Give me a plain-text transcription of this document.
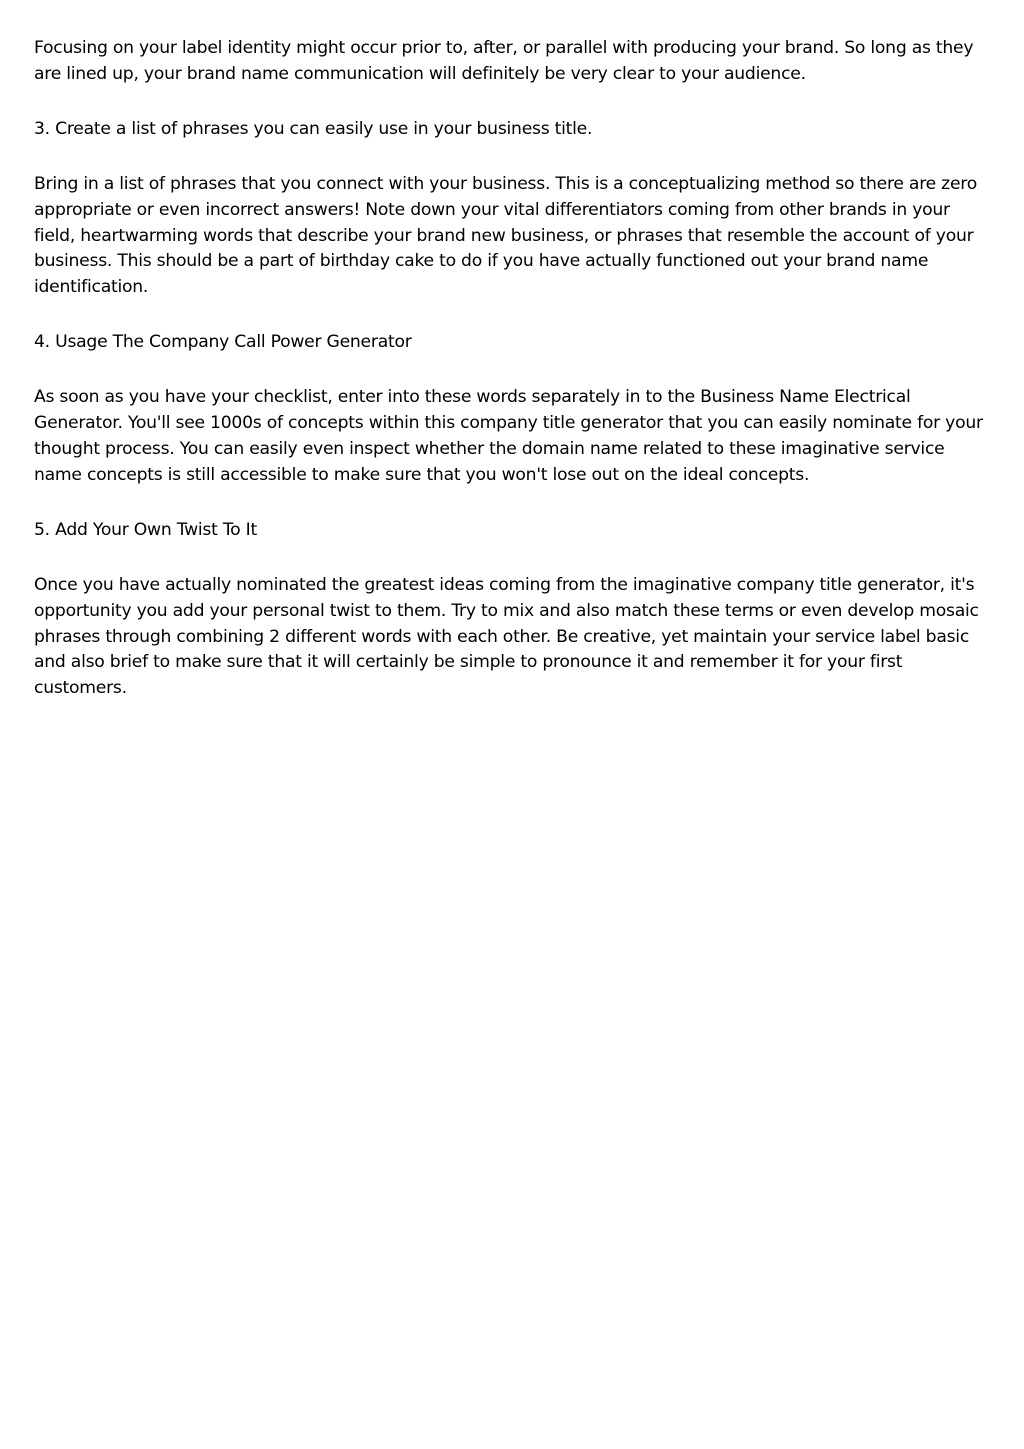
Focusing on your label identity might occur prior to, after, or parallel with producing your brand. So long as they are lined up, your brand name communication will definitely be very clear to your audience.

3. Create a list of phrases you can easily use in your business title.

Bring in a list of phrases that you connect with your business. This is a conceptualizing method so there are zero appropriate or even incorrect answers! Note down your vital differentiators coming from other brands in your field, heartwarming words that describe your brand new business, or phrases that resemble the account of your business. This should be a part of birthday cake to do if you have actually functioned out your brand name identification.

4. Usage The Company Call Power Generator

As soon as you have your checklist, enter into these words separately in to the Business Name Electrical Generator. You'll see 1000s of concepts within this company title generator that you can easily nominate for your thought process. You can easily even inspect whether the domain name related to these imaginative service name concepts is still accessible to make sure that you won't lose out on the ideal concepts.

5. Add Your Own Twist To It

Once you have actually nominated the greatest ideas coming from the imaginative company title generator, it's opportunity you add your personal twist to them. Try to mix and also match these terms or even develop mosaic phrases through combining 2 different words with each other. Be creative, yet maintain your service label basic and also brief to make sure that it will certainly be simple to pronounce it and remember it for your first customers.
